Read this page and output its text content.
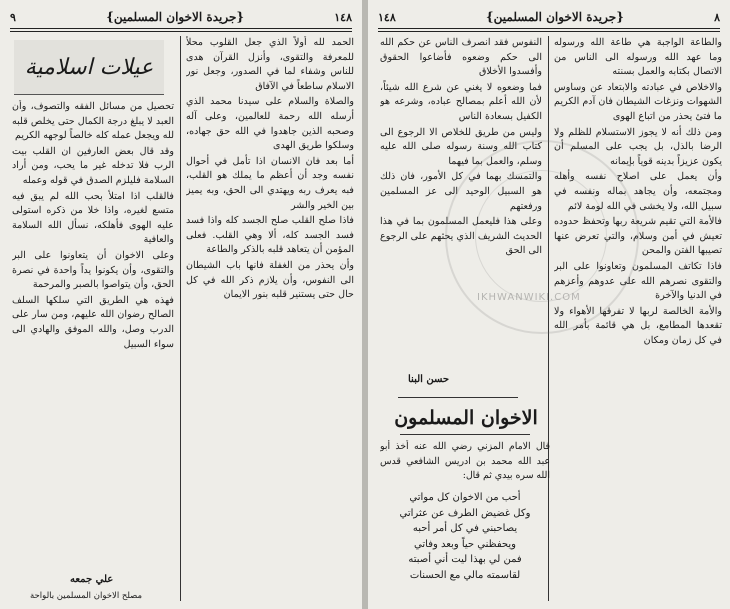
٩	{جريدة الاخوان المسلمين}	١٤٨
عيلات اسلامية

الحمد لله أولاً الذي جعل القلوب محلاً للمعرفة والتقوى، وأنزل القرآن هدى للناس وشفاء لما في الصدور، وجعل نور الاسلام ساطعاً في الآفاق

والصلاة والسلام على سيدنا محمد الذي أرسله الله رحمة للعالمين، وعلى آله وصحبه الذين جاهدوا في الله حق جهاده، وسلكوا طريق الهدى

أما بعد فان الانسان اذا تأمل في أحوال نفسه وجد أن أعظم ما يملك هو القلب، فبه يعرف ربه ويهتدي الى الحق، وبه يميز بين الخير والشر

فاذا صلح القلب صلح الجسد كله واذا فسد فسد الجسد كله، ألا وهي القلب. فعلى المؤمن أن يتعاهد قلبه بالذكر والطاعة

وأن يحذر من الغفلة فانها باب الشيطان الى النفوس، وأن يلازم ذكر الله في كل حال حتى يستنير قلبه بنور الايمان

تحصيل من مسائل الفقه والتصوف، وأن العبد لا يبلغ درجة الكمال حتى يخلص قلبه لله ويجعل عمله كله خالصاً لوجهه الكريم

وقد قال بعض العارفين ان القلب بيت الرب فلا تدخله غير ما يحب، ومن أراد السلامة فليلزم الصدق في قوله وعمله

فالقلب اذا امتلأ بحب الله لم يبق فيه متسع لغيره، واذا خلا من ذكره استولى عليه الهوى فأهلكه، نسأل الله السلامة والعافية

وعلى الاخوان أن يتعاونوا على البر والتقوى، وأن يكونوا يداً واحدة في نصرة الحق، وأن يتواصوا بالصبر والمرحمة

فهذه هي الطريق التي سلكها السلف الصالح رضوان الله عليهم، ومن سار على الدرب وصل، والله الموفق والهادي الى سواء السبيل

علي جمعه
مصلح الاخوان المسلمين بالواحة
١٤٨	{جريدة الاخوان المسلمين}	٨

والطاعة الواجبة هي طاعة الله ورسوله وما عهد الله ورسوله الى الناس من الاتصال بكتابه والعمل بسنته

والاخلاص في عبادته والابتعاد عن وساوس الشهوات ونزغات الشيطان فان آدم الكريم ما فتئ يحذر من اتباع الهوى

ومن ذلك أنه لا يجوز الاستسلام للظلم ولا الرضا بالذل، بل يجب على المسلم أن يكون عزيزاً بدينه قوياً بإيمانه

وأن يعمل على اصلاح نفسه وأهله ومجتمعه، وأن يجاهد بماله ونفسه في سبيل الله، ولا يخشى في الله لومة لائم

فالأمة التي تقيم شريعة ربها وتحفظ حدوده تعيش في أمن وسلام، والتي تعرض عنها تصيبها الفتن والمحن

فاذا تكاتف المسلمون وتعاونوا على البر والتقوى نصرهم الله على عدوهم وأعزهم في الدنيا والآخرة

والأمة الخالصة لربها لا تفرقها الأهواء ولا تقعدها المطامع، بل هي قائمة بأمر الله في كل زمان ومكان

النفوس فقد انصرف الناس عن حكم الله الى حكم وضعوه فأضاعوا الحقوق وأفسدوا الأخلاق

فما وضعوه لا يغني عن شرع الله شيئاً، لأن الله أعلم بمصالح عباده، وشرعه هو الكفيل بسعادة الناس

وليس من طريق للخلاص الا الرجوع الى كتاب الله وسنة رسوله صلى الله عليه وسلم، والعمل بما فيهما

والتمسك بهما في كل الأمور، فان ذلك هو السبيل الوحيد الى عز المسلمين ورفعتهم

وعلى هذا فليعمل المسلمون بما في هذا الحديث الشريف الذي يحثهم على الرجوع الى الحق

حسن البنا
الاخوان المسلمون

قال الامام المزني رضي الله عنه أخذ أبو عبد الله محمد بن ادريس الشافعي قدس الله سره بيدي ثم قال:

أحب من الاخوان كل مواتي
وكل غضيض الطرف عن عثراتي
يصاحبني في كل أمر أحبه
ويحفظني حياً وبعد وفاتي
فمن لي بهذا ليت أني أصبته
لقاسمته مالي مع الحسنات
IKHWANWIKI.COM
